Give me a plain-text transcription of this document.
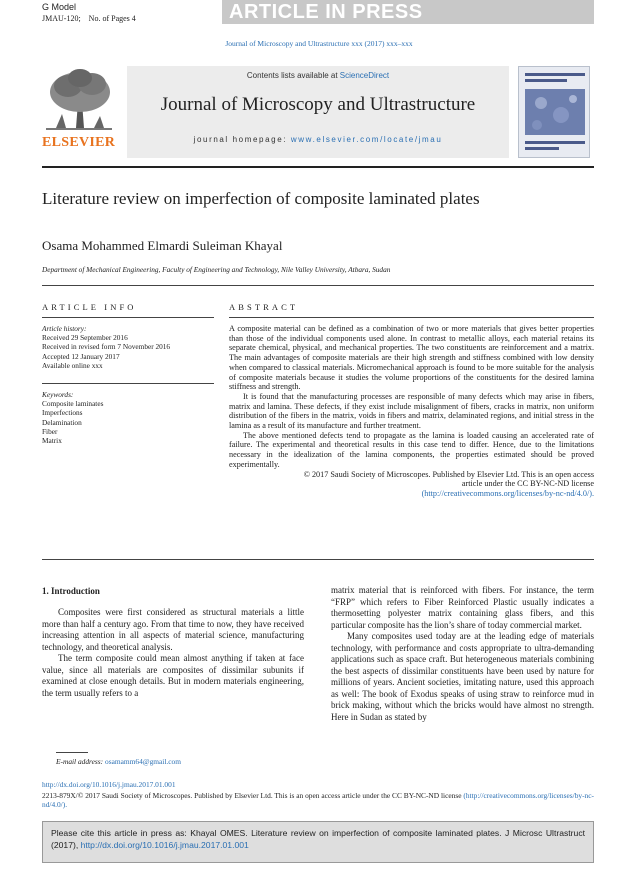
G Model
JMAU-120; No. of Pages 4	ARTICLE IN PRESS
Journal of Microscopy and Ultrastructure xxx (2017) xxx–xxx
ELSEVIER
Contents lists available at ScienceDirect
Journal of Microscopy and Ultrastructure
journal homepage: www.elsevier.com/locate/jmau
Literature review on imperfection of composite laminated plates
Osama Mohammed Elmardi Suleiman Khayal
Department of Mechanical Engineering, Faculty of Engineering and Technology, Nile Valley University, Atbara, Sudan
ARTICLE INFO
Article history:
Received 29 September 2016
Received in revised form 7 November 2016
Accepted 12 January 2017
Available online xxx
Keywords:
Composite laminates
Imperfections
Delamination
Fiber
Matrix
ABSTRACT

A composite material can be defined as a combination of two or more materials that gives better properties than those of the individual components used alone. In contrast to metallic alloys, each material retains its separate chemical, physical, and mechanical properties. The two constituents are reinforcement and a matrix. The main advantages of composite materials are their high strength and stiffness combined with low density when compared to classical materials. Micromechanical approach is found to be more suitable for the analysis of composite materials because it studies the volume proportions of the constituents for the desired lamina stiffness and strength.

It is found that the manufacturing processes are responsible of many defects which may arise in fibers, matrix and lamina. These defects, if they exist include misalignment of fibers, cracks in matrix, non uniform distribution of the fibers in the matrix, voids in fibers and matrix, delaminated regions, and initial stress in the lamina as a result of its manufacture and further treatment.

The above mentioned defects tend to propagate as the lamina is loaded causing an accelerated rate of failure. The experimental and theoretical results in this case tend to differ. Hence, due to the limitations necessary in the idealization of the lamina components, the properties estimated should be proved experimentally.

© 2017 Saudi Society of Microscopes. Published by Elsevier Ltd. This is an open access
article under the CC BY-NC-ND license
(http://creativecommons.org/licenses/by-nc-nd/4.0/).
1. Introduction

Composites were first considered as structural materials a little more than half a century ago. From that time to now, they have received increasing attention in all aspects of material science, manufacturing technology, and theoretical analysis.

The term composite could mean almost anything if taken at face value, since all materials are composites of dissimilar subunits if examined at close enough details. But in modern materials engineering, the term usually refers to a

matrix material that is reinforced with fibers. For instance, the term “FRP” which refers to Fiber Reinforced Plastic usually indicates a thermosetting polyester matrix containing glass fibers, and this particular composite has the lion’s share of today commercial market.

Many composites used today are at the leading edge of materials technology, with performance and costs appropriate to ultra-demanding applications such as space craft. But heterogeneous materials combining the best aspects of dissimilar constituents have been used by nature for millions of years. Ancient societies, imitating nature, used this approach as well: The book of Exodus speaks of using straw to reinforce mud in brick making, without which the bricks would have almost no strength. Here in Sudan as stated by

E-mail address: osamamm64@gmail.com
http://dx.doi.org/10.1016/j.jmau.2017.01.001
2213-879X/© 2017 Saudi Society of Microscopes. Published by Elsevier Ltd. This is an open access article under the CC BY-NC-ND license (http://creativecommons.org/licenses/by-nc-nd/4.0/).
Please cite this article in press as: Khayal OMES. Literature review on imperfection of composite laminated plates. J Microsc Ultrastruct (2017), http://dx.doi.org/10.1016/j.jmau.2017.01.001
